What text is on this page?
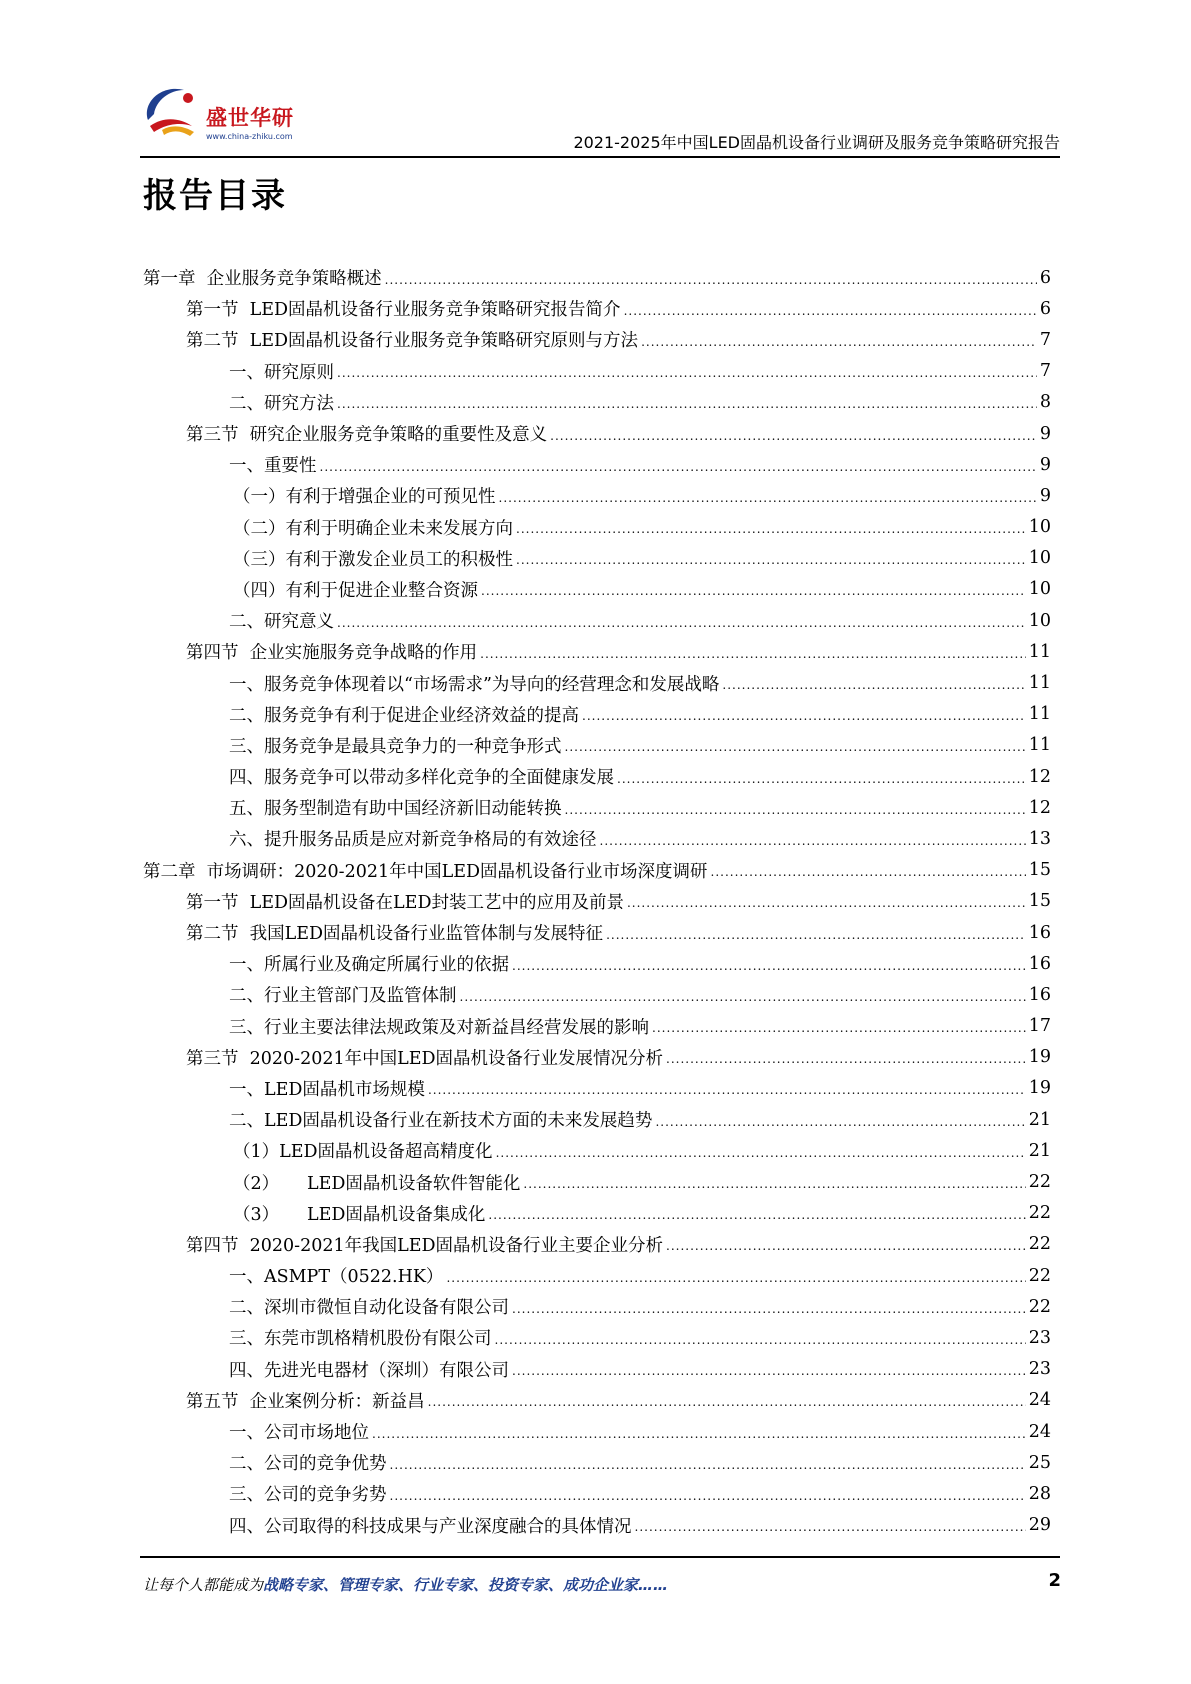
盛世华研
www.china-zhiku.com	2021-2025年中国LED固晶机设备行业调研及服务竞争策略研究报告
报告目录
第一章  企业服务竞争策略概述 .....	6
第一节  LED固晶机设备行业服务竞争策略研究报告简介 .....	6
第二节  LED固晶机设备行业服务竞争策略研究原则与方法 .....	7
一、研究原则 .....	7
二、研究方法 .....	8
第三节  研究企业服务竞争策略的重要性及意义 .....	9
一、重要性 .....	9
（一）有利于增强企业的可预见性 .....	9
（二）有利于明确企业未来发展方向 .....	10
（三）有利于激发企业员工的积极性 .....	10
（四）有利于促进企业整合资源 .....	10
二、研究意义 .....	10
第四节  企业实施服务竞争战略的作用 .....	11
一、服务竞争体现着以“市场需求”为导向的经营理念和发展战略 .....	11
二、服务竞争有利于促进企业经济效益的提高 .....	11
三、服务竞争是最具竞争力的一种竞争形式 .....	11
四、服务竞争可以带动多样化竞争的全面健康发展 .....	12
五、服务型制造有助中国经济新旧动能转换 .....	12
六、提升服务品质是应对新竞争格局的有效途径 .....	13
第二章  市场调研：2020-2021年中国LED固晶机设备行业市场深度调研 .....	15
第一节  LED固晶机设备在LED封装工艺中的应用及前景 .....	15
第二节  我国LED固晶机设备行业监管体制与发展特征 .....	16
一、所属行业及确定所属行业的依据 .....	16
二、行业主管部门及监管体制 .....	16
三、行业主要法律法规政策及对新益昌经营发展的影响 .....	17
第三节  2020-2021年中国LED固晶机设备行业发展情况分析 .....	19
一、LED固晶机市场规模 .....	19
二、LED固晶机设备行业在新技术方面的未来发展趋势 .....	21
（1）LED固晶机设备超高精度化 .....	21
（2）     LED固晶机设备软件智能化 .....	22
（3）     LED固晶机设备集成化 .....	22
第四节  2020-2021年我国LED固晶机设备行业主要企业分析 .....	22
一、ASMPT（0522.HK） .....	22
二、深圳市微恒自动化设备有限公司 .....	22
三、东莞市凯格精机股份有限公司 .....	23
四、先进光电器材（深圳）有限公司 .....	23
第五节  企业案例分析：新益昌 .....	24
一、公司市场地位 .....	24
二、公司的竞争优势 .....	25
三、公司的竞争劣势 .....	28
四、公司取得的科技成果与产业深度融合的具体情况 .....	29
让每个人都能成为战略专家、管理专家、行业专家、投资专家、成功企业家……	2
